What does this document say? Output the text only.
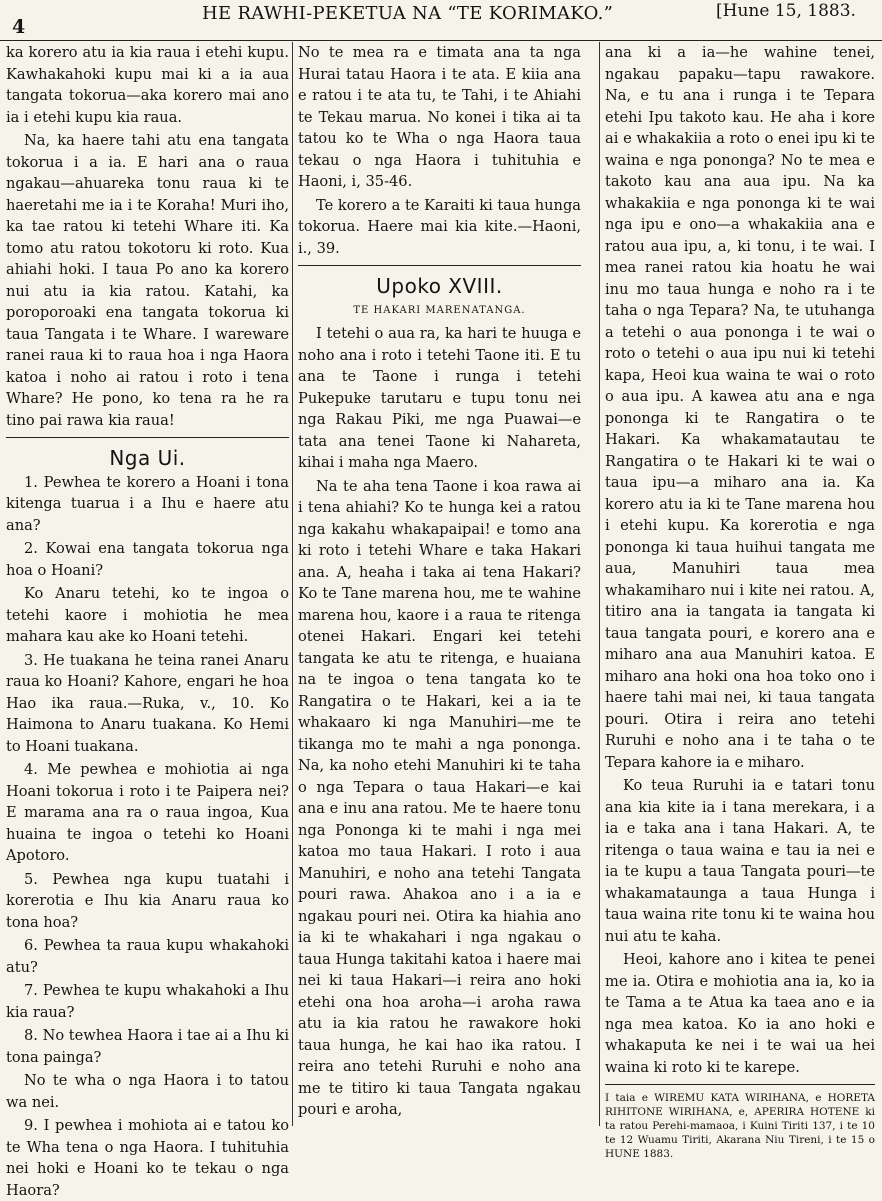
4
HE RAWHI-PEKETUA NA “TE KORIMAKO.”	[Hune 15, 1883.

ka korero atu ia kia raua i etehi kupu. Kawhakahoki kupu mai ki a ia aua tangata tokorua—aka korero mai ano ia i etehi kupu kia raua.

Na, ka haere tahi atu ena tangata tokorua i a ia. E hari ana o raua ngakau—ahuareka tonu raua ki te haeretahi me ia i te Koraha! Muri iho, ka tae ratou ki tetehi Whare iti. Ka tomo atu ratou tokotoru ki roto. Kua ahiahi hoki. I taua Po ano ka korero nui atu ia kia ratou. Katahi, ka poroporoaki ena tangata tokorua ki taua Tangata i te Whare. I wareware ranei raua ki to raua hoa i nga Haora katoa i noho ai ratou i roto i tena Whare? He pono, ko tena ra he ra tino pai rawa kia raua!

Nga Ui.

1. Pewhea te korero a Hoani i tona kitenga tuarua i a Ihu e haere atu ana?

2. Kowai ena tangata tokorua nga hoa o Hoani?

Ko Anaru tetehi, ko te ingoa o tetehi kaore i mohiotia he mea mahara kau ake ko Hoani tetehi.

3. He tuakana he teina ranei Anaru raua ko Hoani? Kahore, engari he hoa Hao ika raua.—Ruka, v., 10. Ko Haimona to Anaru tuakana. Ko Hemi to Hoani tuakana.

4. Me pewhea e mohiotia ai nga Hoani tokorua i roto i te Paipera nei? E marama ana ra o raua ingoa, Kua huaina te ingoa o tetehi ko Hoani Apotoro.

5. Pewhea nga kupu tuatahi i korerotia e Ihu kia Anaru raua ko tona hoa?

6. Pewhea ta raua kupu whakahoki atu?

7. Pewhea te kupu whakahoki a Ihu kia raua?

8. No tewhea Haora i tae ai a Ihu ki tona painga?

No te wha o nga Haora i to tatou wa nei.

9. I pewhea i mohiota ai e tatou ko te Wha tena o nga Haora. I tuhituhia nei hoki e Hoani ko te tekau o nga Haora?

No te mea ra e timata ana ta nga Hurai tatau Haora i te ata. E kiia ana e ratou i te ata tu, te Tahi, i te Ahiahi te Tekau marua. No konei i tika ai ta tatou ko te Wha o nga Haora taua tekau o nga Haora i tuhituhia e Haoni, i, 35-46.

Te korero a te Karaiti ki taua hunga tokorua. Haere mai kia kite.—Haoni, i., 39.

Upoko XVIII.
TE HAKARI MARENATANGA.

I tetehi o aua ra, ka hari te huuga e noho ana i roto i tetehi Taone iti. E tu ana te Taone i runga i tetehi Pukepuke tarutaru e tupu tonu nei nga Rakau Piki, me nga Puawai—e tata ana tenei Taone ki Nahareta, kihai i maha nga Maero.

Na te aha tena Taone i koa rawa ai i tena ahiahi? Ko te hunga kei a ratou nga kakahu whakapaipai! e tomo ana ki roto i tetehi Whare e taka Hakari ana. A, heaha i taka ai tena Hakari? Ko te Tane marena hou, me te wahine marena hou, kaore i a raua te ritenga otenei Hakari. Engari kei tetehi tangata ke atu te ritenga, e huaiana na te ingoa o tena tangata ko te Rangatira o te Hakari, kei a ia te whakaaro ki nga Manuhiri—me te tikanga mo te mahi a nga pononga. Na, ka noho etehi Manuhiri ki te taha o nga Tepara o taua Hakari—e kai ana e inu ana ratou. Me te haere tonu nga Pononga ki te mahi i nga mei katoa mo taua Hakari. I roto i aua Manuhiri, e noho ana tetehi Tangata pouri rawa. Ahakoa ano i a ia e ngakau pouri nei. Otira ka hiahia ano ia ki te whakahari i nga ngakau o taua Hunga takitahi katoa i haere mai nei ki taua Hakari—i reira ano hoki etehi ona hoa aroha—i aroha rawa atu ia kia ratou he rawakore hoki taua hunga, he kai hao ika ratou. I reira ano tetehi Ruruhi e noho ana me te titiro ki taua Tangata ngakau pouri e aroha,

ana ki a ia—he wahine tenei, ngakau papaku—tapu rawakore. Na, e tu ana i runga i te Tepara etehi Ipu takoto kau. He aha i kore ai e whakakiia a roto o enei ipu ki te waina e nga pononga? No te mea e takoto kau ana aua ipu. Na ka whakakiia e nga pononga ki te wai nga ipu e ono—a whakakiia ana e ratou aua ipu, a, ki tonu, i te wai. I mea ranei ratou kia hoatu he wai inu mo taua hunga e noho ra i te taha o nga Tepara? Na, te utuhanga a tetehi o aua pononga i te wai o roto o tetehi o aua ipu nui ki tetehi kapa, Heoi kua waina te wai o roto o aua ipu. A kawea atu ana e nga pononga ki te Rangatira o te Hakari. Ka whakamatautau te Rangatira o te Hakari ki te wai o taua ipu—a miharo ana ia. Ka korero atu ia ki te Tane marena hou i etehi kupu. Ka korerotia e nga pononga ki taua huihui tangata me aua, Manuhiri taua mea whakamiharo nui i kite nei ratou. A, titiro ana ia tangata ia tangata ki taua tangata pouri, e korero ana e miharo ana aua Manuhiri katoa. E miharo ana hoki ona hoa toko ono i haere tahi mai nei, ki taua tangata pouri. Otira i reira ano tetehi Ruruhi e noho ana i te taha o te Tepara kahore ia e miharo.

Ko teua Ruruhi ia e tatari tonu ana kia kite ia i tana merekara, i a ia e taka ana i tana Hakari. A, te ritenga o taua waina e tau ia nei e ia te kupu a taua Tangata pouri—te whakamataunga a taua Hunga i taua waina rite tonu ki te waina hou nui atu te kaha.

Heoi, kahore ano i kitea te penei me ia. Otira e mohiotia ana ia, ko ia te Tama a te Atua ka taea ano e ia nga mea katoa. Ko ia ano hoki e whakaputa ke nei i te wai ua hei waina ki roto ki te karepe.

I taia e WIREMU KATA WIRIHANA, e HORETA RIHITONE WIRIHANA, e, APERIRA HOTENE ki ta ratou Perehi-mamaoa, i Kuini Tiriti 137, i te 10 te 12 Wuamu Tiriti, Akarana Niu Tireni, i te 15 o HUNE 1883.
